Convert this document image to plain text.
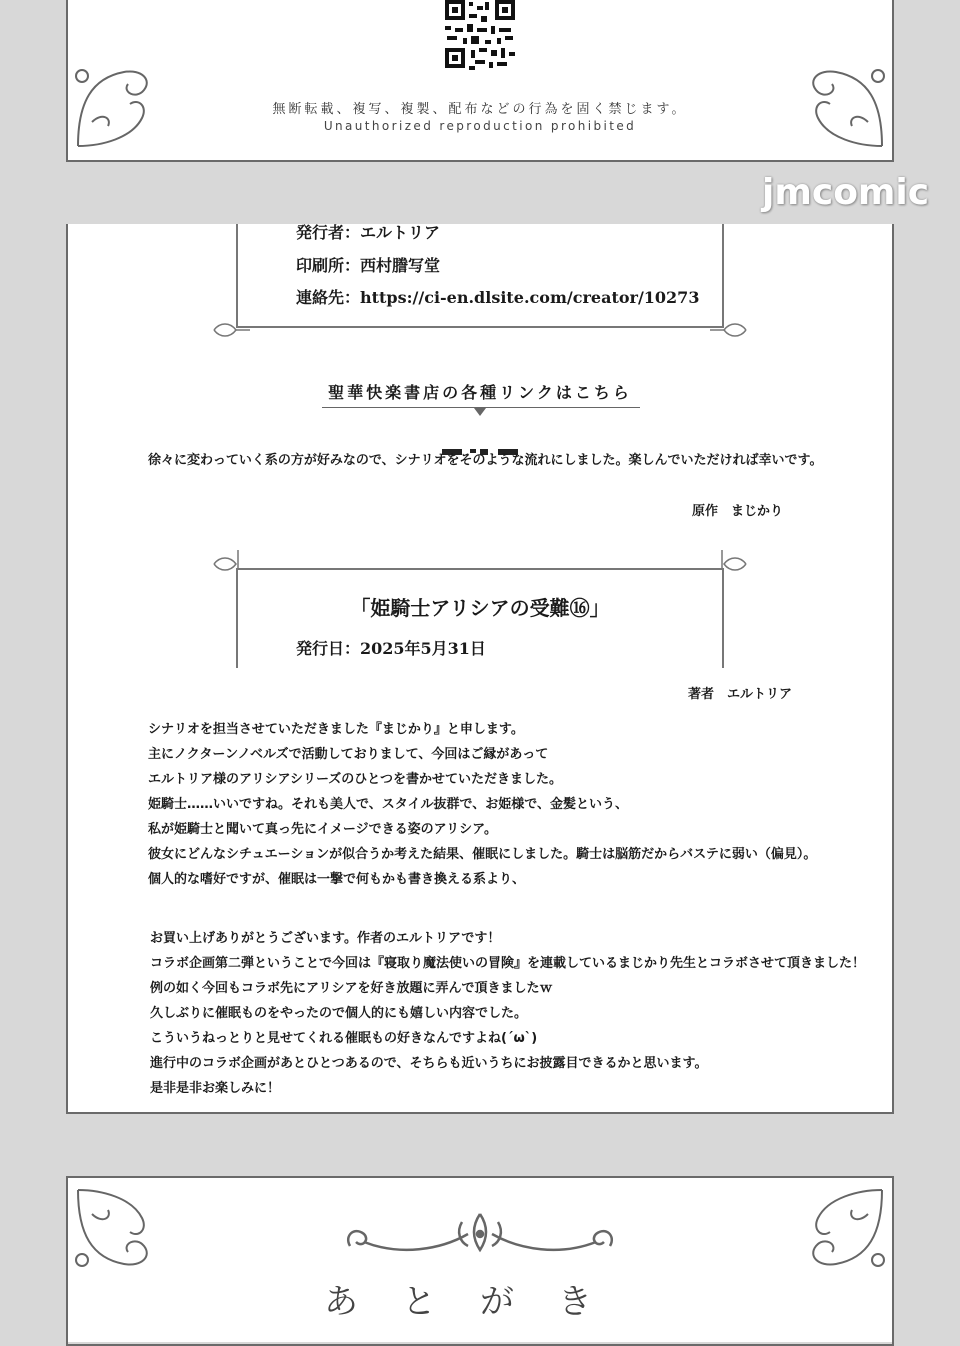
無断転載、複写、複製、配布などの行為を固く禁じます。
Unauthorized reproduction prohibited
jmcomic
発行者：エルトリア
印刷所：西村謄写堂
連絡先：https://ci-en.dlsite.com/creator/10273
聖華快楽書店の各種リンクはこちら
徐々に変わっていく系の方が好みなので、シナリオをそのような流れにしました。楽しんでいただければ幸いです。
原作　まじかり
「姫騎士アリシアの受難⑯」
発行日：2025年5月31日
著者　エルトリア
シナリオを担当させていただきました『まじかり』と申します。
主にノクターンノベルズで活動しておりまして、今回はご縁があって
エルトリア様のアリシアシリーズのひとつを書かせていただきました。
姫騎士……いいですね。それも美人で、スタイル抜群で、お姫様で、金髪という、
私が姫騎士と聞いて真っ先にイメージできる姿のアリシア。
彼女にどんなシチュエーションが似合うか考えた結果、催眠にしました。騎士は脳筋だからバステに弱い（偏見）。
個人的な嗜好ですが、催眠は一撃で何もかも書き換える系より、
お買い上げありがとうございます。作者のエルトリアです！
コラボ企画第二弾ということで今回は『寝取り魔法使いの冒険』を連載しているまじかり先生とコラボさせて頂きました！
例の如く今回もコラボ先にアリシアを好き放題に弄んで頂きましたｗ
久しぶりに催眠ものをやったので個人的にも嬉しい内容でした。
こういうねっとりと見せてくれる催眠もの好きなんですよね(´ω`)
進行中のコラボ企画があとひとつあるので、そちらも近いうちにお披露目できるかと思います。
是非是非お楽しみに！
あとがき
